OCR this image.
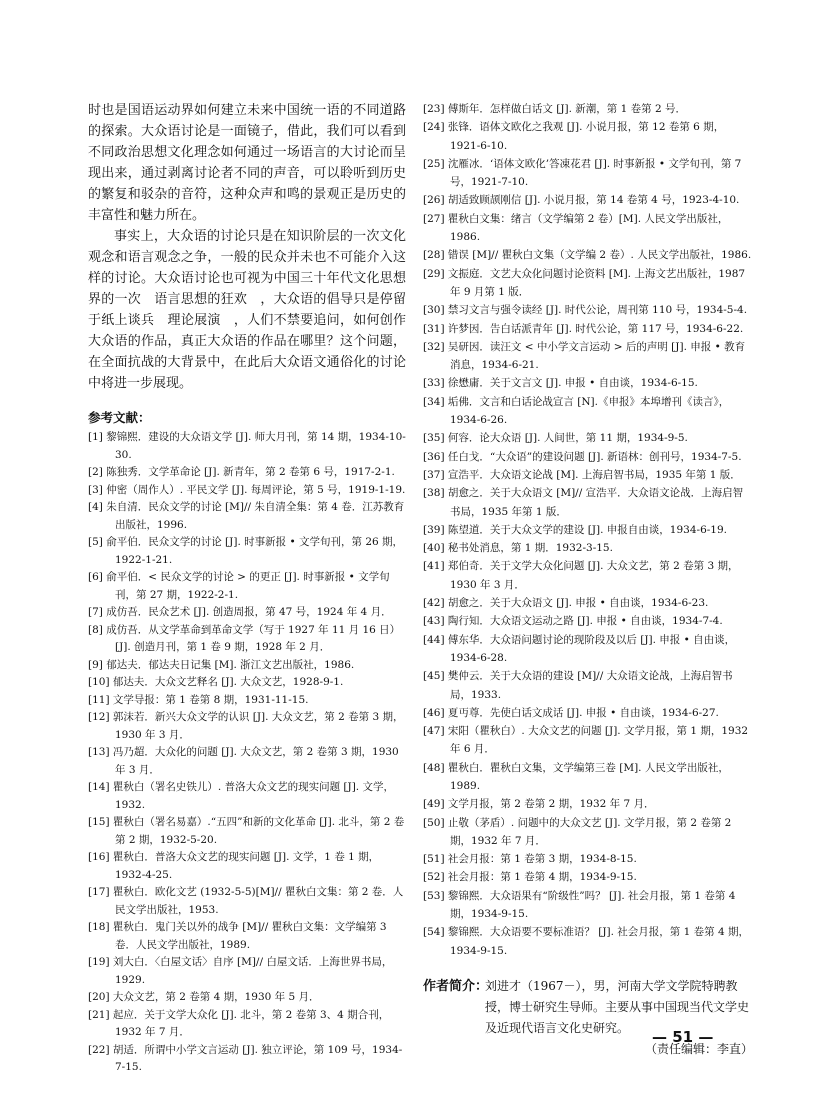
时也是国语运动界如何建立未来中国统一语的不同道路的探索。大众语讨论是一面镜子，借此，我们可以看到不同政治思想文化理念如何通过一场语言的大讨论而呈现出来，通过剥离讨论者不同的声音，可以聆听到历史的繁复和驳杂的音符，这种众声和鸣的景观正是历史的丰富性和魅力所在。

事实上，大众语的讨论只是在知识阶层的一次文化观念和语言观念之争，一般的民众并未也不可能介入这样的讨论。大众语讨论也可视为中国三十年代文化思想界的一次　语言思想的狂欢　，大众语的倡导只是停留于纸上谈兵　理论展演　，人们不禁要追问，如何创作大众语的作品，真正大众语的作品在哪里？这个问题，在全面抗战的大背景中，在此后大众语文通俗化的讨论中将进一步展现。

参考文献：
[1] 黎锦熙．建设的大众语文学 [J]. 师大月刊，第 14 期，1934-10-30.
[2] 陈独秀．文学革命论 [J]. 新青年，第 2 卷第 6 号，1917-2-1.
[3] 仲密（周作人）. 平民文学 [J]. 每周评论，第 5 号，1919-1-19.
[4] 朱自清．民众文学的讨论 [M]// 朱自清全集：第 4 卷．江苏教育出版社，1996.
[5] 俞平伯．民众文学的讨论 [J]. 时事新报 • 文学旬刊，第 26 期，1922-1-21.
[6] 俞平伯．< 民众文学的讨论 > 的更正 [J]. 时事新报 • 文学旬刊，第 27 期，1922-2-1.
[7] 成仿吾．民众艺术 [J]. 创造周报，第 47 号，1924 年 4 月．
[8] 成仿吾．从文学革命到革命文学（写于 1927 年 11 月 16 日）[J]. 创造月刊，第 1 卷 9 期，1928 年 2 月．
[9] 郁达夫．郁达夫日记集 [M]. 浙江文艺出版社，1986.
[10] 郁达夫．大众文艺释名 [J]. 大众文艺，1928-9-1.
[11] 文学导报：第 1 卷第 8 期，1931-11-15.
[12] 郭沫若．新兴大众文学的认识 [J]. 大众文艺，第 2 卷第 3 期，1930 年 3 月．
[13] 冯乃超．大众化的问题 [J]. 大众文艺，第 2 卷第 3 期，1930 年 3 月．
[14] 瞿秋白（署名史铁儿）. 普洛大众文艺的现实问题 [J]. 文学，1932.
[15] 瞿秋白（署名易嘉）.“五四”和新的文化革命 [J]. 北斗，第 2 卷第 2 期，1932-5-20.
[16] 瞿秋白．普洛大众文艺的现实问题 [J]. 文学，1 卷 1 期，1932-4-25.
[17] 瞿秋白．欧化文艺 (1932-5-5)[M]// 瞿秋白文集：第 2 卷．人民文学出版社，1953.
[18] 瞿秋白．鬼门关以外的战争 [M]// 瞿秋白文集：文学编第 3 卷．人民文学出版社，1989.
[19] 刘大白．〈白屋文话〉自序 [M]// 白屋文话．上海世界书局，1929.
[20] 大众文艺，第 2 卷第 4 期，1930 年 5 月．
[21] 起应．关于文学大众化 [J]. 北斗，第 2 卷第 3、4 期合刊，1932 年 7 月．
[22] 胡适．所谓中小学文言运动 [J]. 独立评论，第 109 号，1934-7-15.
[23] 傅斯年．怎样做白话文 [J]. 新潮，第 1 卷第 2 号．
[24] 张锋．语体文欧化之我观 [J]. 小说月报，第 12 卷第 6 期，1921-6-10.
[25] 沈雁冰．‘语体文欧化’答凍花君 [J]. 时事新报 • 文学旬刊，第 7 号，1921-7-10.
[26] 胡适致顾颉刚信 [J]. 小说月报，第 14 卷第 4 号，1923-4-10.
[27] 瞿秋白文集：绪言（文学编第 2 卷）[M]. 人民文学出版社，1986.
[28] 错误 [M]// 瞿秋白文集（文学编 2 卷）. 人民文学出版社，1986.
[29] 文振庭．文艺大众化问题讨论资料 [M]. 上海文艺出版社，1987 年 9 月第 1 版．
[30] 禁习文言与强令读经 [J]. 时代公论，周刊第 110 号，1934-5-4.
[31] 许梦因．告白话派青年 [J]. 时代公论，第 117 号，1934-6-22.
[32] 吴研因．读汪文 < 中小学文言运动 > 后的声明 [J]. 申报 • 教育消息，1934-6-21.
[33] 徐懋庸．关于文言文 [J]. 申报 • 自由谈，1934-6-15.
[34] 垢佛．文言和白话论战宣言 [N].《申报》本埠增刊《读言》，1934-6-26.
[35] 何容．论大众语 [J]. 人间世，第 11 期，1934-9-5.
[36] 任白戈．“大众语”的建设问题 [J]. 新语林：创刊号，1934-7-5.
[37] 宣浩平．大众语文论战 [M]. 上海启智书局，1935 年第 1 版．
[38] 胡愈之．关于大众语文 [M]// 宣浩平．大众语文论战．上海启智书局，1935 年第 1 版．
[39] 陈望道．关于大众文学的建设 [J]. 申报自由谈，1934-6-19.
[40] 秘书处消息，第 1 期．1932-3-15.
[41] 郑伯奇．关于文学大众化问题 [J]. 大众文艺，第 2 卷第 3 期，1930 年 3 月．
[42] 胡愈之．关于大众语文 [J]. 申报 • 自由谈，1934-6-23.
[43] 陶行知．大众语文运动之路 [J]. 申报 • 自由谈，1934-7-4.
[44] 傅东华．大众语问题讨论的现阶段及以后 [J]. 申报 • 自由谈，1934-6-28.
[45] 樊仲云．关于大众语的建设 [M]// 大众语文论战，上海启智书局，1933.
[46] 夏丏尊．先使白话文成话 [J]. 申报 • 自由谈，1934-6-27.
[47] 宋阳（瞿秋白）. 大众文艺的问题 [J]. 文学月报，第 1 期，1932 年 6 月．
[48] 瞿秋白．瞿秋白文集，文学编第三卷 [M]. 人民文学出版社，1989.
[49] 文学月报，第 2 卷第 2 期，1932 年 7 月．
[50] 止敬（茅盾）. 问题中的大众文艺 [J]. 文学月报，第 2 卷第 2 期，1932 年 7 月．
[51] 社会月报：第 1 卷第 3 期，1934-8-15.
[52] 社会月报：第 1 卷第 4 期，1934-9-15.
[53] 黎锦熙．大众语果有“阶级性”吗？ [J]. 社会月报，第 1 卷第 4 期，1934-9-15.
[54] 黎锦熙．大众语要不要标准语？ [J]. 社会月报，第 1 卷第 4 期，1934-9-15.
作者简介：

刘进才（1967－），男，河南大学文学院特聘教授，博士研究生导师。主要从事中国现当代文学史及近现代语言文化史研究。

（责任编辑：李直）

— 51 —
